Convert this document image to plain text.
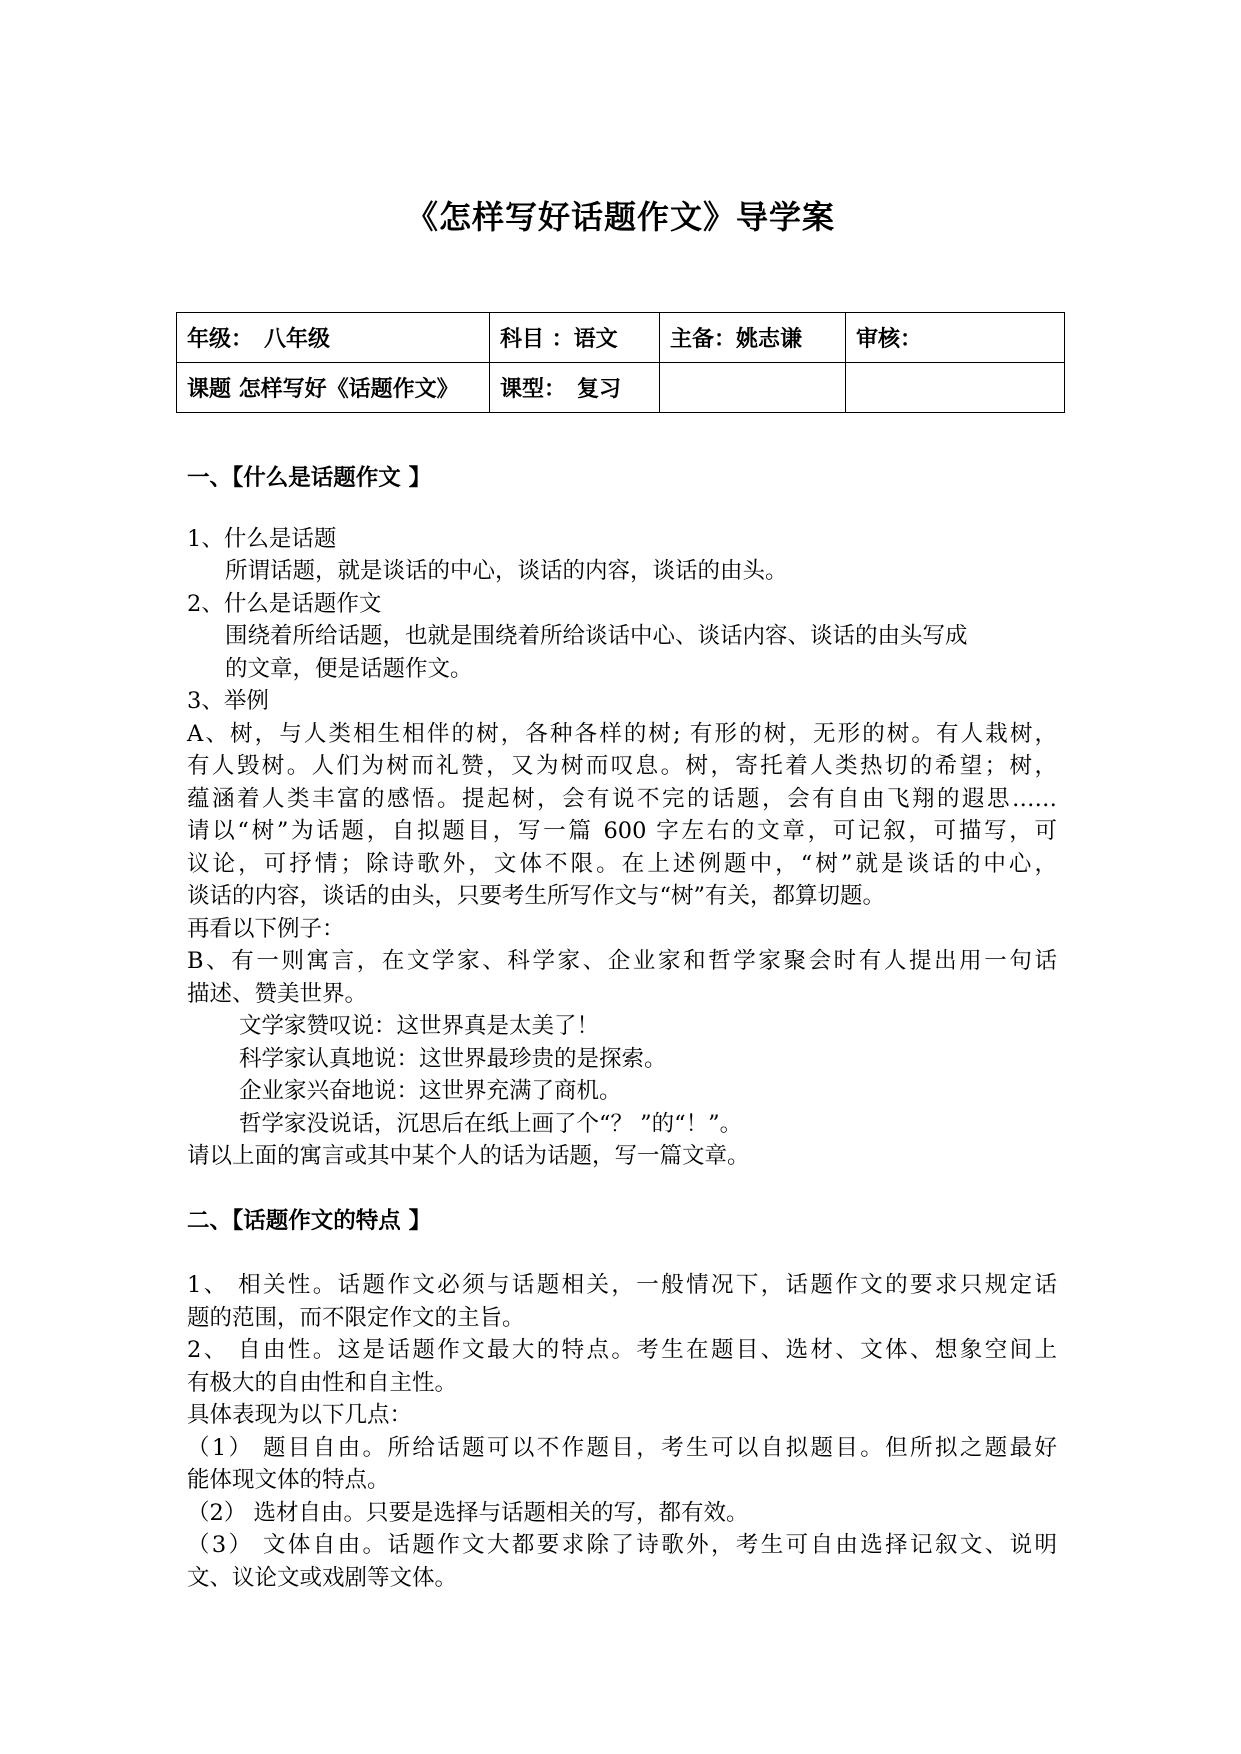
《怎样写好话题作文》导学案
年级：　八年级	科目 ：语文	主备：姚志谦	审核：
课题 怎样写好《话题作文》	课型：　复习		
一、【什么是话题作文 】
1、什么是话题
所谓话题，就是谈话的中心，谈话的内容，谈话的由头。
2、什么是话题作文
围绕着所给话题，也就是围绕着所给谈话中心、谈话内容、谈话的由头写成
的文章，便是话题作文。
3、举例
A、树，与人类相生相伴的树，各种各样的树; 有形的树，无形的树。有人栽树，
有人毁树。人们为树而礼赞，又为树而叹息。树，寄托着人类热切的希望；树，
蕴涵着人类丰富的感悟。提起树，会有说不完的话题，会有自由飞翔的遐思……
请以“树”为话题，自拟题目，写一篇 600 字左右的文章，可记叙，可描写，可
议论，可抒情；除诗歌外，文体不限。在上述例题中，“树”就是谈话的中心，
谈话的内容，谈话的由头，只要考生所写作文与“树”有关，都算切题。
再看以下例子：
B、有一则寓言，在文学家、科学家、企业家和哲学家聚会时有人提出用一句话
描述、赞美世界。
文学家赞叹说：这世界真是太美了！
科学家认真地说：这世界最珍贵的是探索。
企业家兴奋地说：这世界充满了商机。
哲学家没说话，沉思后在纸上画了个“？ ”的“！”。
请以上面的寓言或其中某个人的话为话题，写一篇文章。
二、【话题作文的特点 】
1、 相关性。话题作文必须与话题相关，一般情况下，话题作文的要求只规定话
题的范围，而不限定作文的主旨。
2、 自由性。这是话题作文最大的特点。考生在题目、选材、文体、想象空间上
有极大的自由性和自主性。
具体表现为以下几点：
（1） 题目自由。所给话题可以不作题目，考生可以自拟题目。但所拟之题最好
能体现文体的特点。
（2） 选材自由。只要是选择与话题相关的写，都有效。
（3） 文体自由。话题作文大都要求除了诗歌外，考生可自由选择记叙文、说明
文、议论文或戏剧等文体。
